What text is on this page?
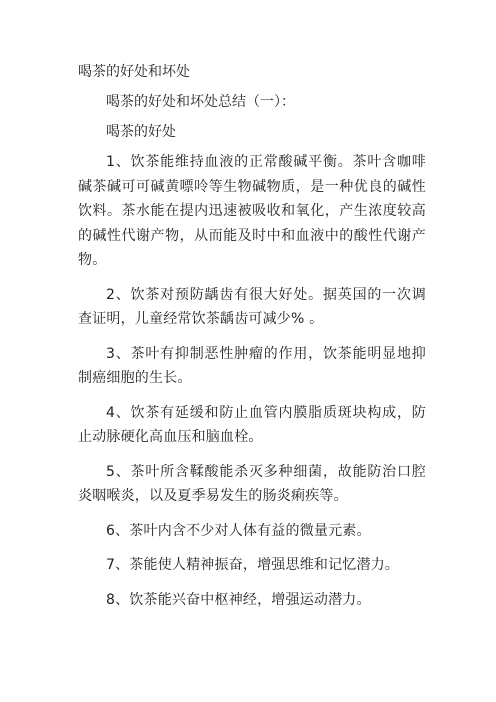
喝茶的好处和坏处
喝茶的好处和坏处总结（一）：
喝茶的好处

1、饮茶能维持血液的正常酸碱平衡。茶叶含咖啡碱茶碱可可碱黄嘌呤等生物碱物质，是一种优良的碱性饮料。茶水能在提内迅速被吸收和氧化，产生浓度较高的碱性代谢产物，从而能及时中和血液中的酸性代谢产物。

2、饮茶对预防龋齿有很大好处。据英国的一次调查证明，儿童经常饮茶龋齿可减少% 。

3、茶叶有抑制恶性肿瘤的作用，饮茶能明显地抑制癌细胞的生长。

4、饮茶有延缓和防止血管内膜脂质斑块构成，防止动脉硬化高血压和脑血栓。

5、茶叶所含鞣酸能杀灭多种细菌，故能防治口腔炎咽喉炎，以及夏季易发生的肠炎痢疾等。

6、茶叶内含不少对人体有益的微量元素。

7、茶能使人精神振奋，增强思维和记忆潜力。

8、饮茶能兴奋中枢神经，增强运动潜力。
